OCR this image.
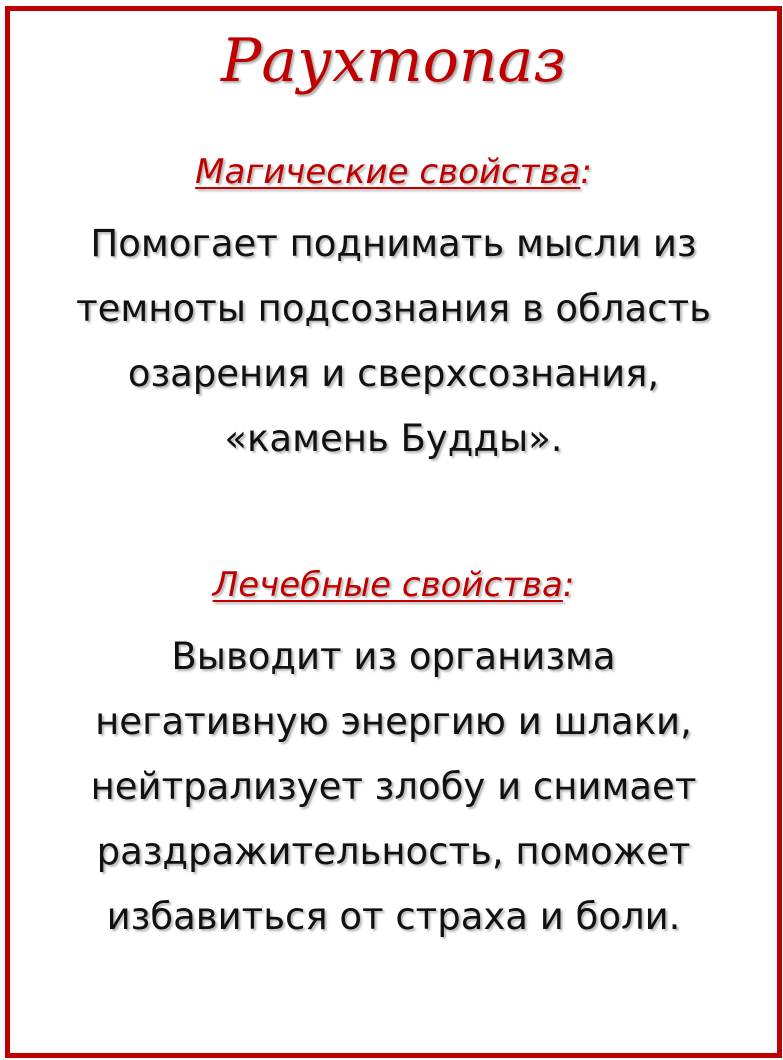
Раухтопаз
Магические свойства:
Помогает поднимать мысли из
темноты подсознания в область
озарения и сверхсознания,
«камень Будды».
Лечебные свойства:
Выводит из организма
негативную энергию и шлаки,
нейтрализует злобу и снимает
раздражительность, поможет
избавиться от страха и боли.
